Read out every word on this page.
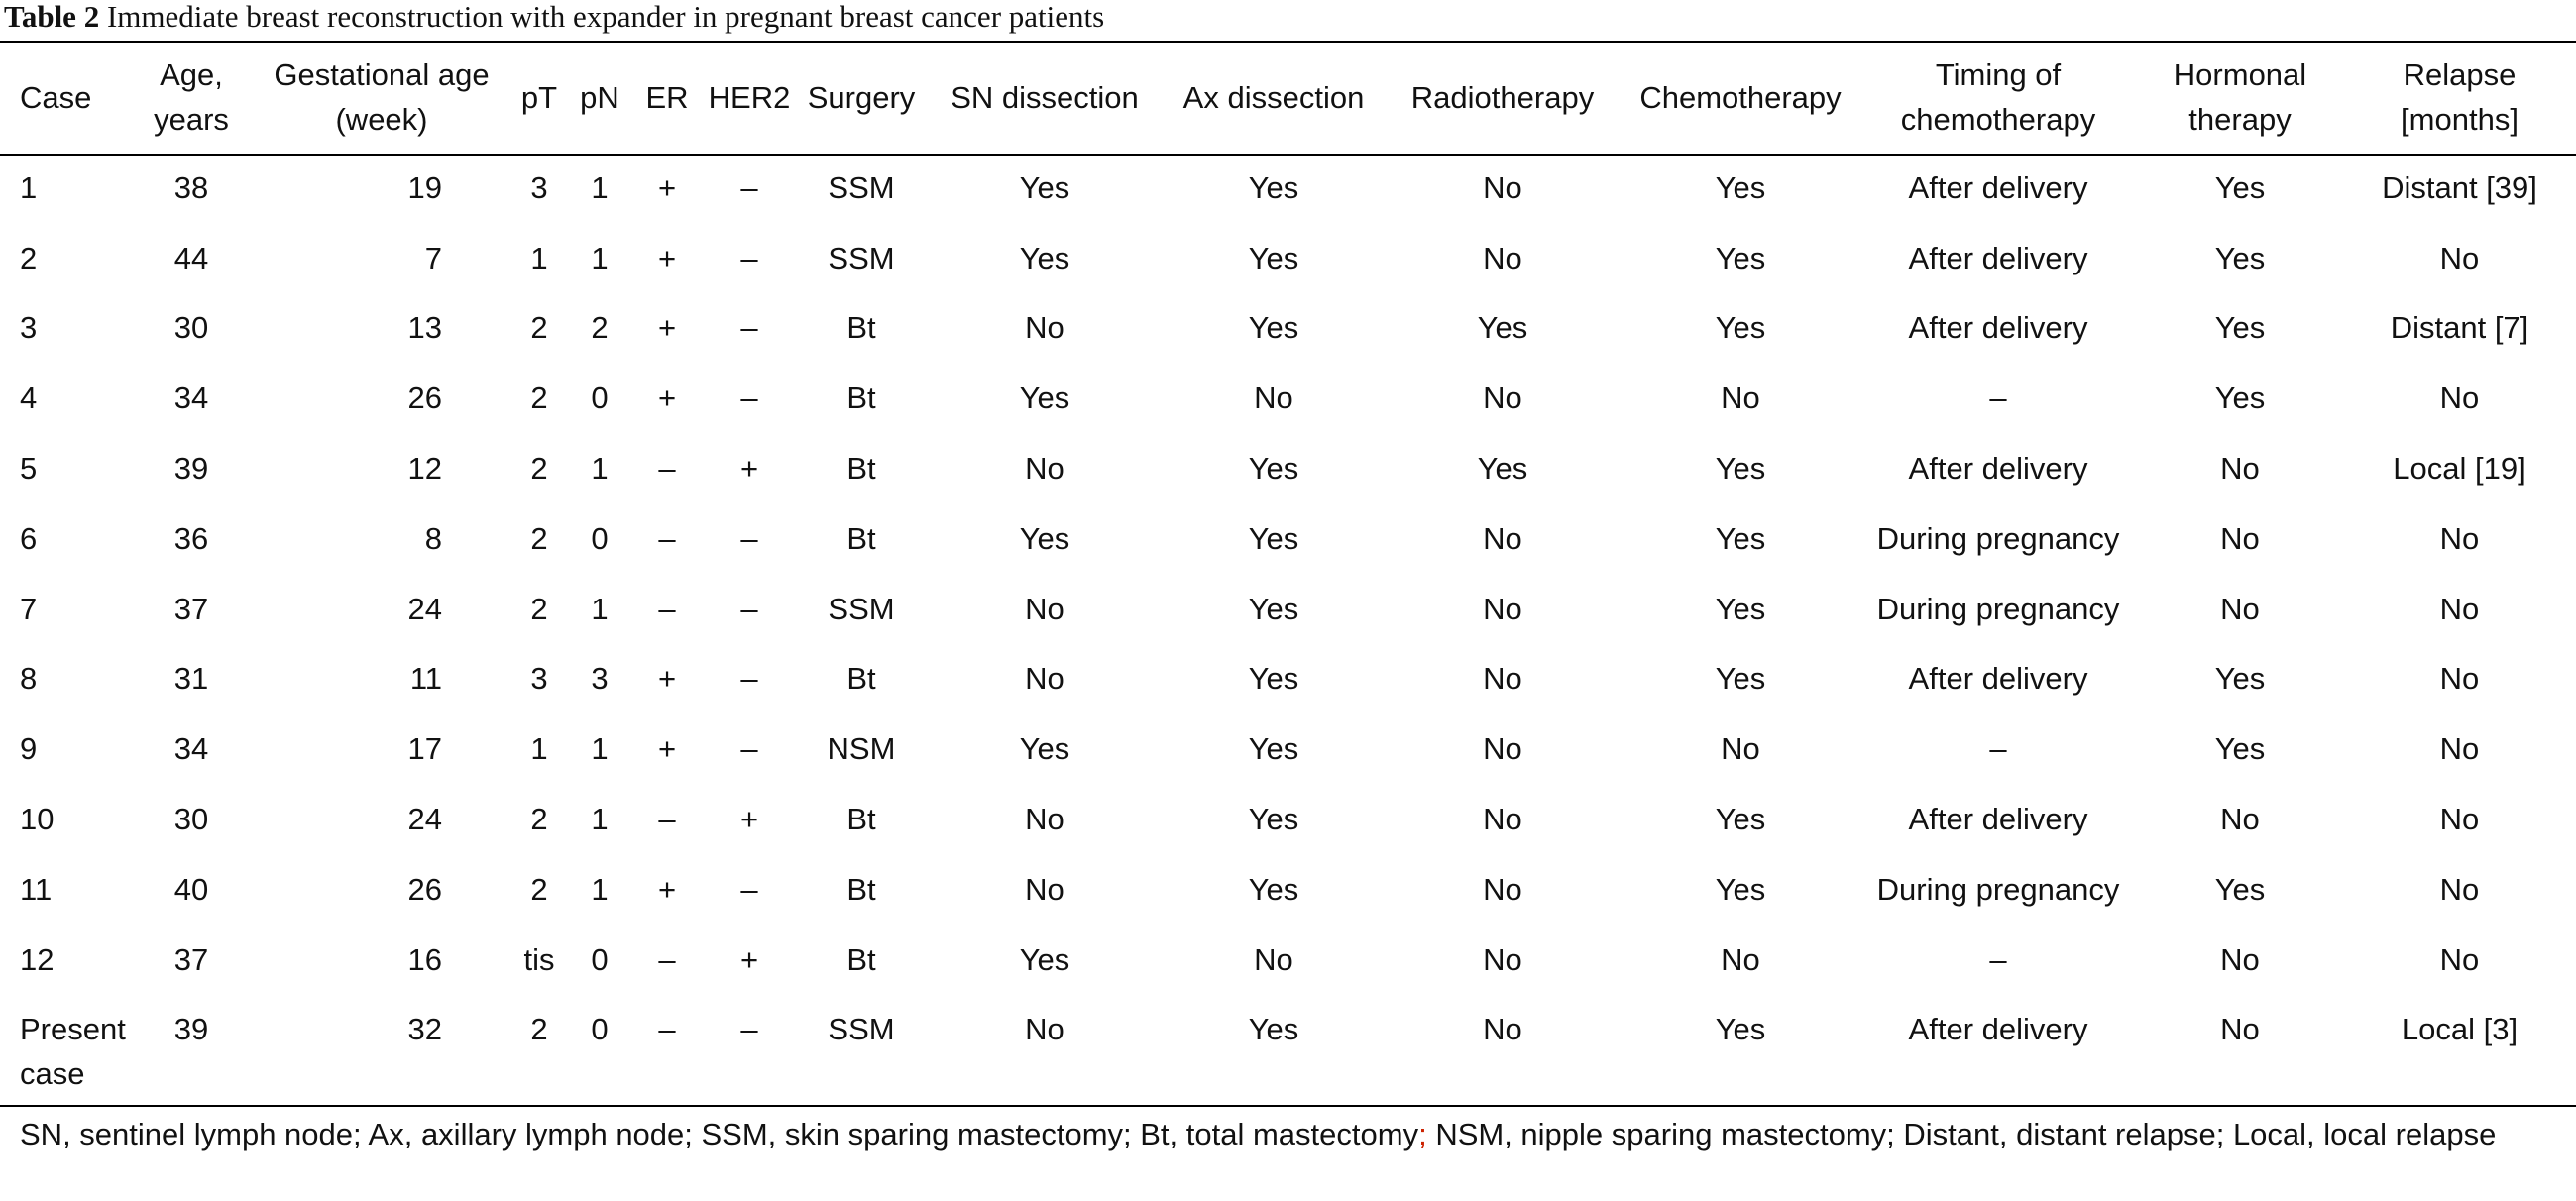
Table 2 Immediate breast reconstruction with expander in pregnant breast cancer patients
Case	Age, years	Gestational age (week)	pT	pN	ER	HER2	Surgery	SN dissection	Ax dissection	Radiotherapy	Chemotherapy	Timing of chemotherapy	Hormonal therapy	Relapse [months]
1	38	19	3	1	+	–	SSM	Yes	Yes	No	Yes	After delivery	Yes	Distant [39]
2	44	7	1	1	+	–	SSM	Yes	Yes	No	Yes	After delivery	Yes	No
3	30	13	2	2	+	–	Bt	No	Yes	Yes	Yes	After delivery	Yes	Distant [7]
4	34	26	2	0	+	–	Bt	Yes	No	No	No	–	Yes	No
5	39	12	2	1	–	+	Bt	No	Yes	Yes	Yes	After delivery	No	Local [19]
6	36	8	2	0	–	–	Bt	Yes	Yes	No	Yes	During pregnancy	No	No
7	37	24	2	1	–	–	SSM	No	Yes	No	Yes	During pregnancy	No	No
8	31	11	3	3	+	–	Bt	No	Yes	No	Yes	After delivery	Yes	No
9	34	17	1	1	+	–	NSM	Yes	Yes	No	No	–	Yes	No
10	30	24	2	1	–	+	Bt	No	Yes	No	Yes	After delivery	No	No
11	40	26	2	1	+	–	Bt	No	Yes	No	Yes	During pregnancy	Yes	No
12	37	16	tis	0	–	+	Bt	Yes	No	No	No	–	No	No
Present case	39	32	2	0	–	–	SSM	No	Yes	No	Yes	After delivery	No	Local [3]
SN, sentinel lymph node; Ax, axillary lymph node; SSM, skin sparing mastectomy; Bt, total mastectomy; NSM, nipple sparing mastectomy; Distant, distant relapse; Local, local relapse
